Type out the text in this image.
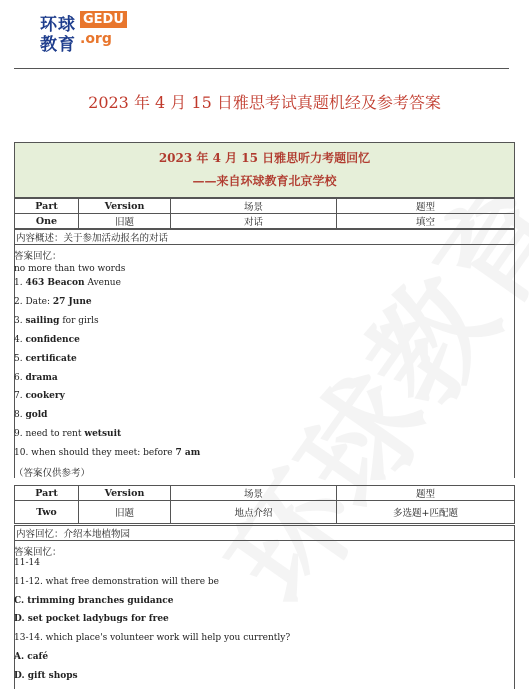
环球
教育
GEDU
.org
2023 年 4 月 15 日雅思考试真题机经及参考答案
2023 年 4 月 15 日雅思听力考题回忆
——来自环球教育北京学校
Part	Version	场景	题型
One	旧题	对话	填空
内容概述：关于参加活动报名的对话
答案回忆：
no more than two words
1. 463 Beacon Avenue
2. Date: 27 June
3. sailing for girls
4. confidence
5. certificate
6. drama
7. cookery
8. gold
9. need to rent wetsuit
10. when should they meet: before 7 am
（答案仅供参考）
Part	Version	场景	题型
Two	旧题	地点介绍	多选题+匹配题
内容回忆：介绍本地植物园
答案回忆：
11-14
11-12. what free demonstration will there be
C. trimming branches guidance
D. set pocket ladybugs for free
13-14. which place's volunteer work will help you currently?
A. café
D. gift shops
